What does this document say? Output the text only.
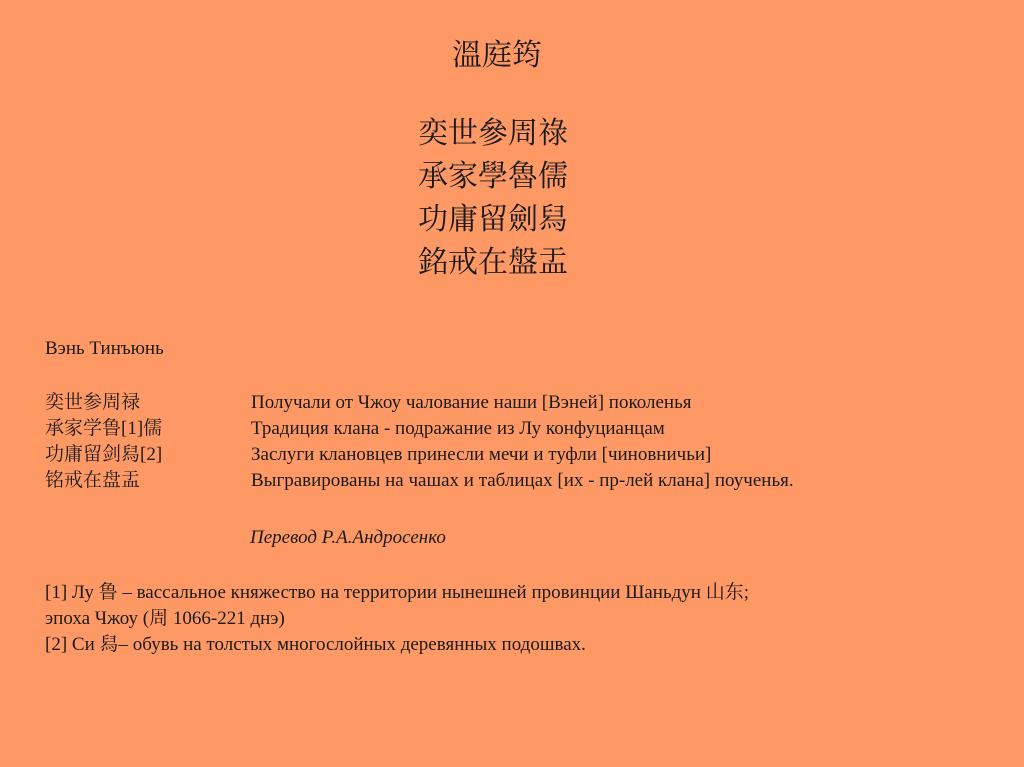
溫庭筠
奕世參周祿
承家學魯儒
功庸留劍舄
銘戒在盤盂
Вэнь Тинъюнь
奕世参周禄	Получали от Чжоу чалование наши [Вэней] поколенья
承家学鲁[1]儒	Традиция клана - подражание из Лу конфуцианцам
功庸留剑舄[2]	Заслуги клановцев принесли мечи и туфли [чиновничьи]
铭戒在盘盂	Выгравированы на чашах и таблицах [их - пр-лей клана] поученья.
Перевод Р.А.Андросенко
[1] Лу 鲁 – вассальное княжество на территории нынешней провинции Шаньдун 山东;
эпоха Чжоу (周 1066-221 днэ)
[2] Си 舄– обувь на толстых многослойных деревянных подошвах.
